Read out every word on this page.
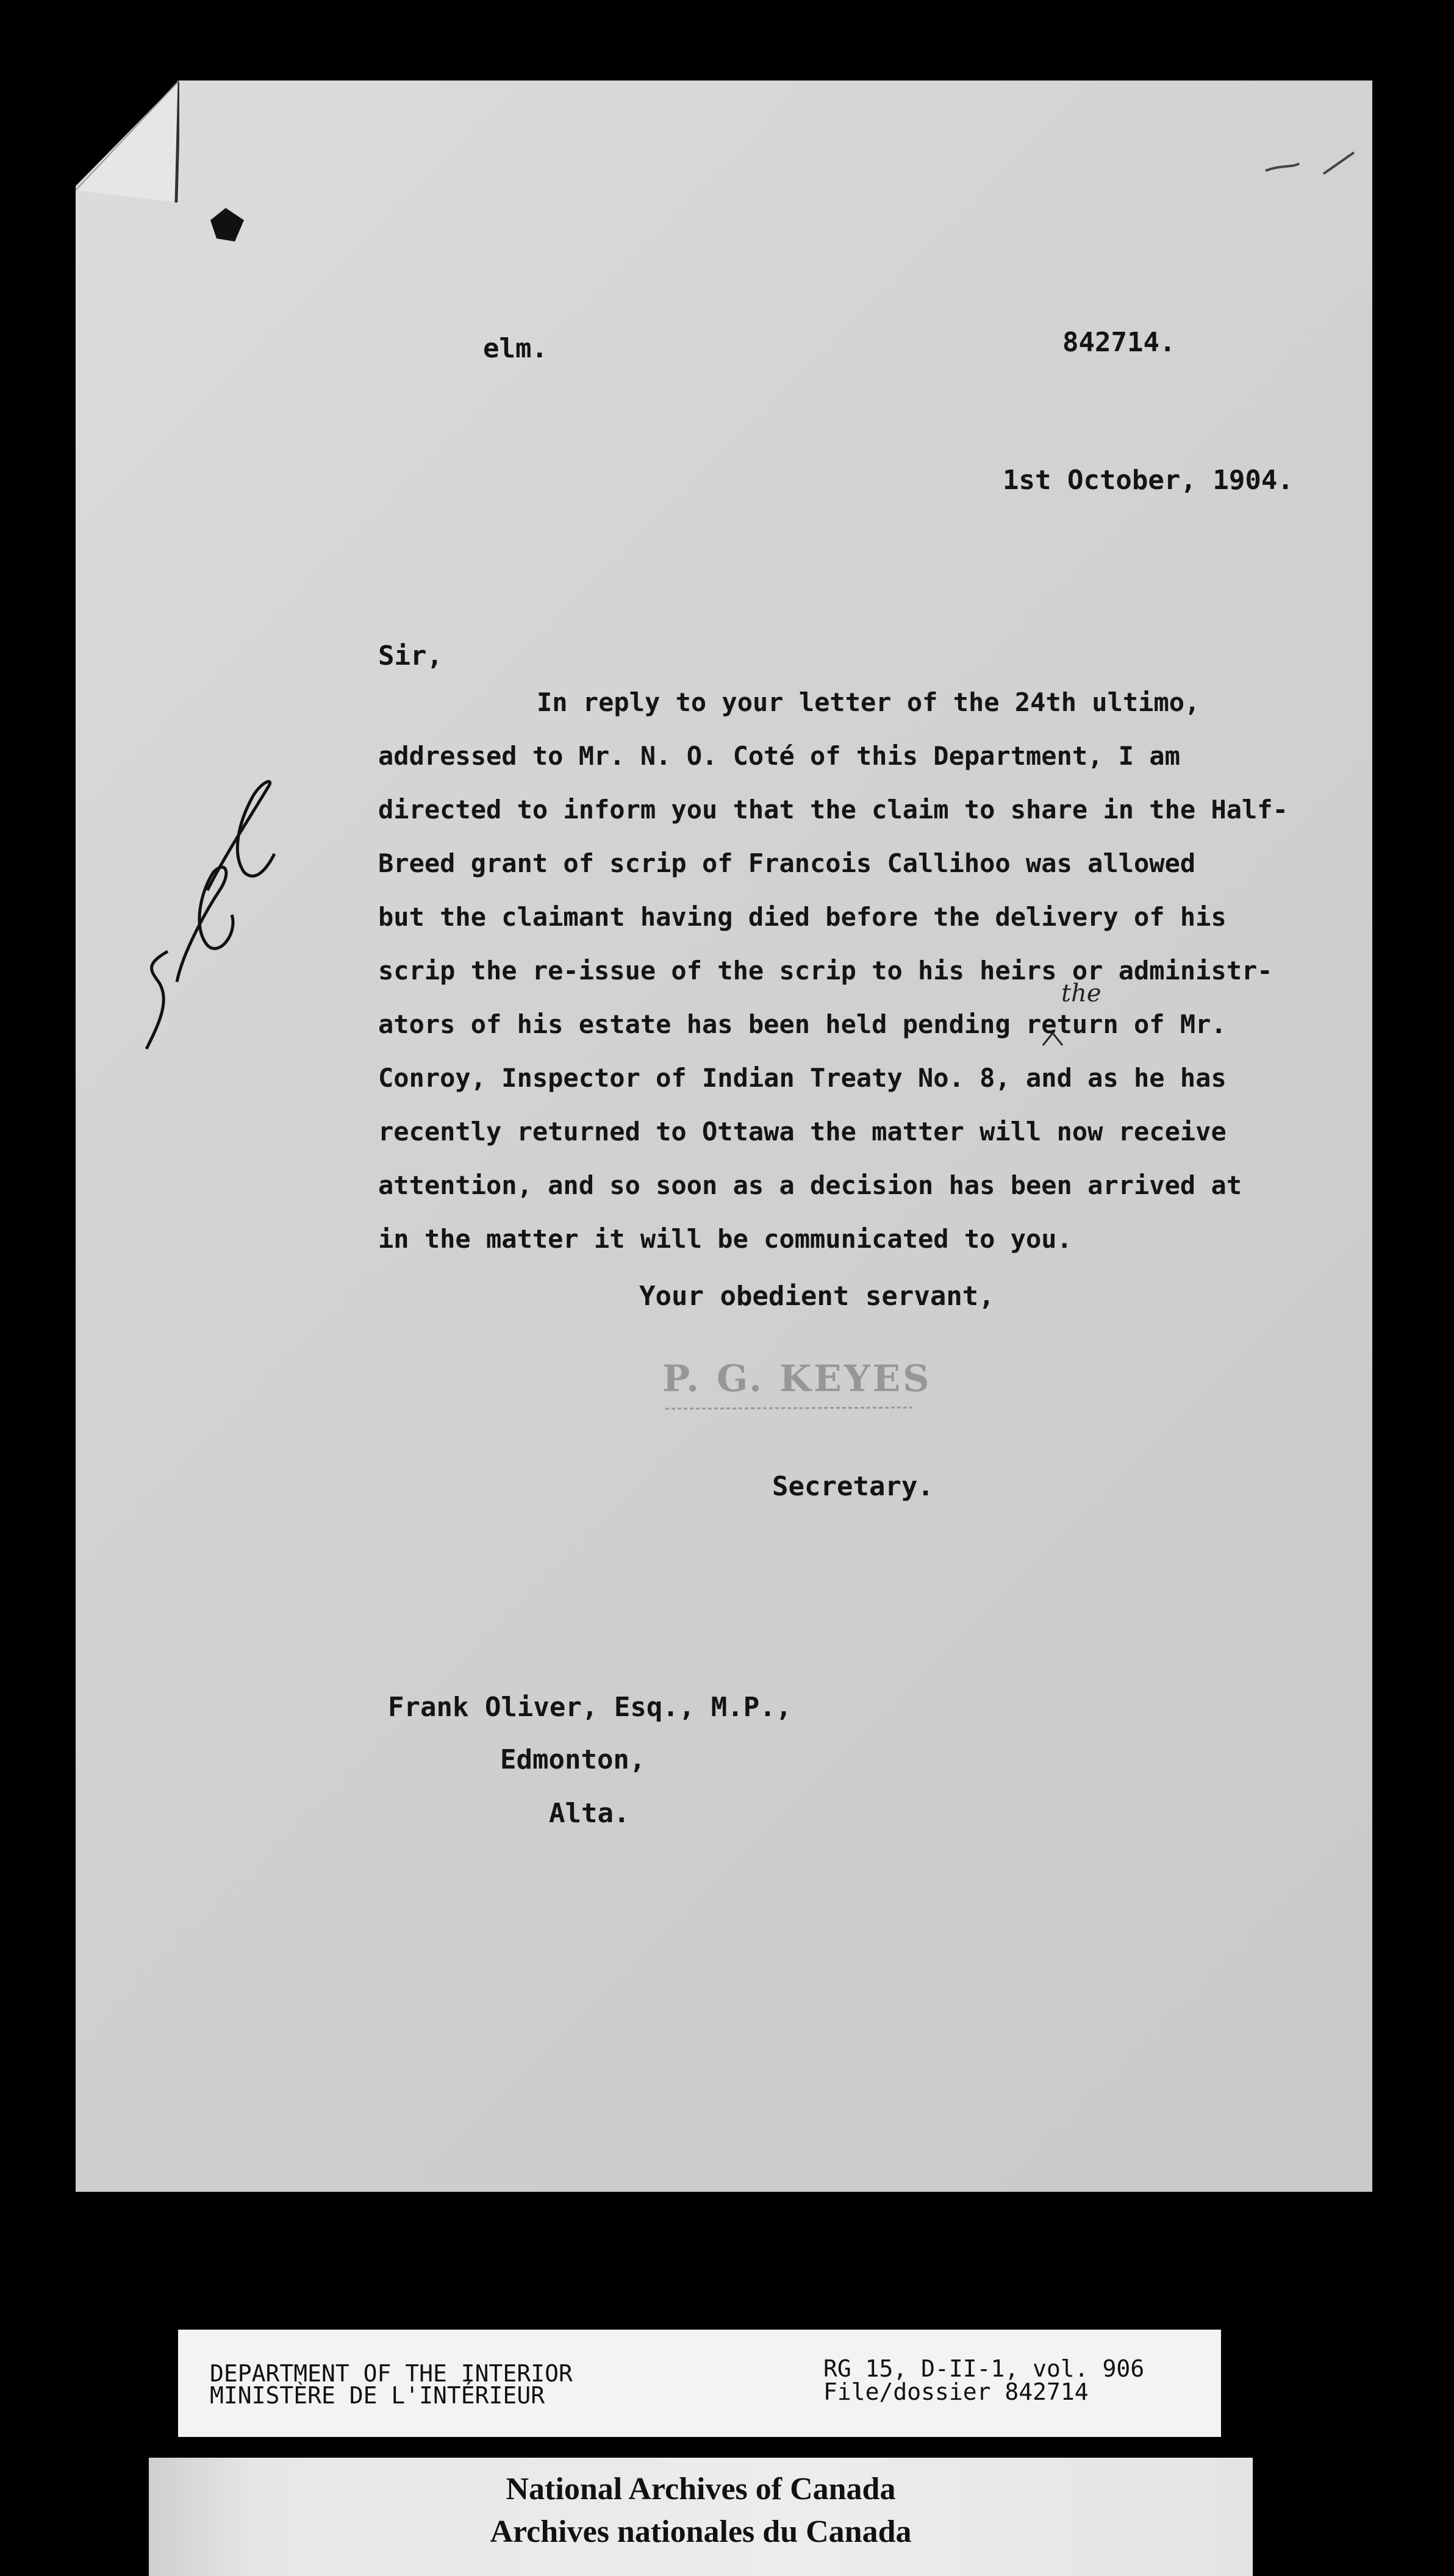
elm.	842714.
1st October, 1904.
Sir,
In reply to your letter of the 24th ultimo,
addressed to Mr. N. O. Coté of this Department, I am
directed to inform you that the claim to share in the Half-
Breed grant of scrip of Francois Callihoo was allowed
but the claimant having died before the delivery of his
scrip the re-issue of the scrip to his heirs or administr-
ators of his estate has been held pending return of Mr.
Conroy, Inspector of Indian Treaty No. 8, and as he has
recently returned to Ottawa the matter will now receive
attention, and so soon as a decision has been arrived at
in the matter it will be communicated to you.
the
Your obedient servant,
P. G. KEYES
Secretary.
Frank Oliver, Esq., M.P.,
Edmonton,
Alta.
DEPARTMENT OF THE INTERIOR
MINISTÈRE DE L'INTÉRIEUR
RG 15, D-II-1, vol. 906
File/dossier 842714
National Archives of Canada
Archives nationales du Canada
